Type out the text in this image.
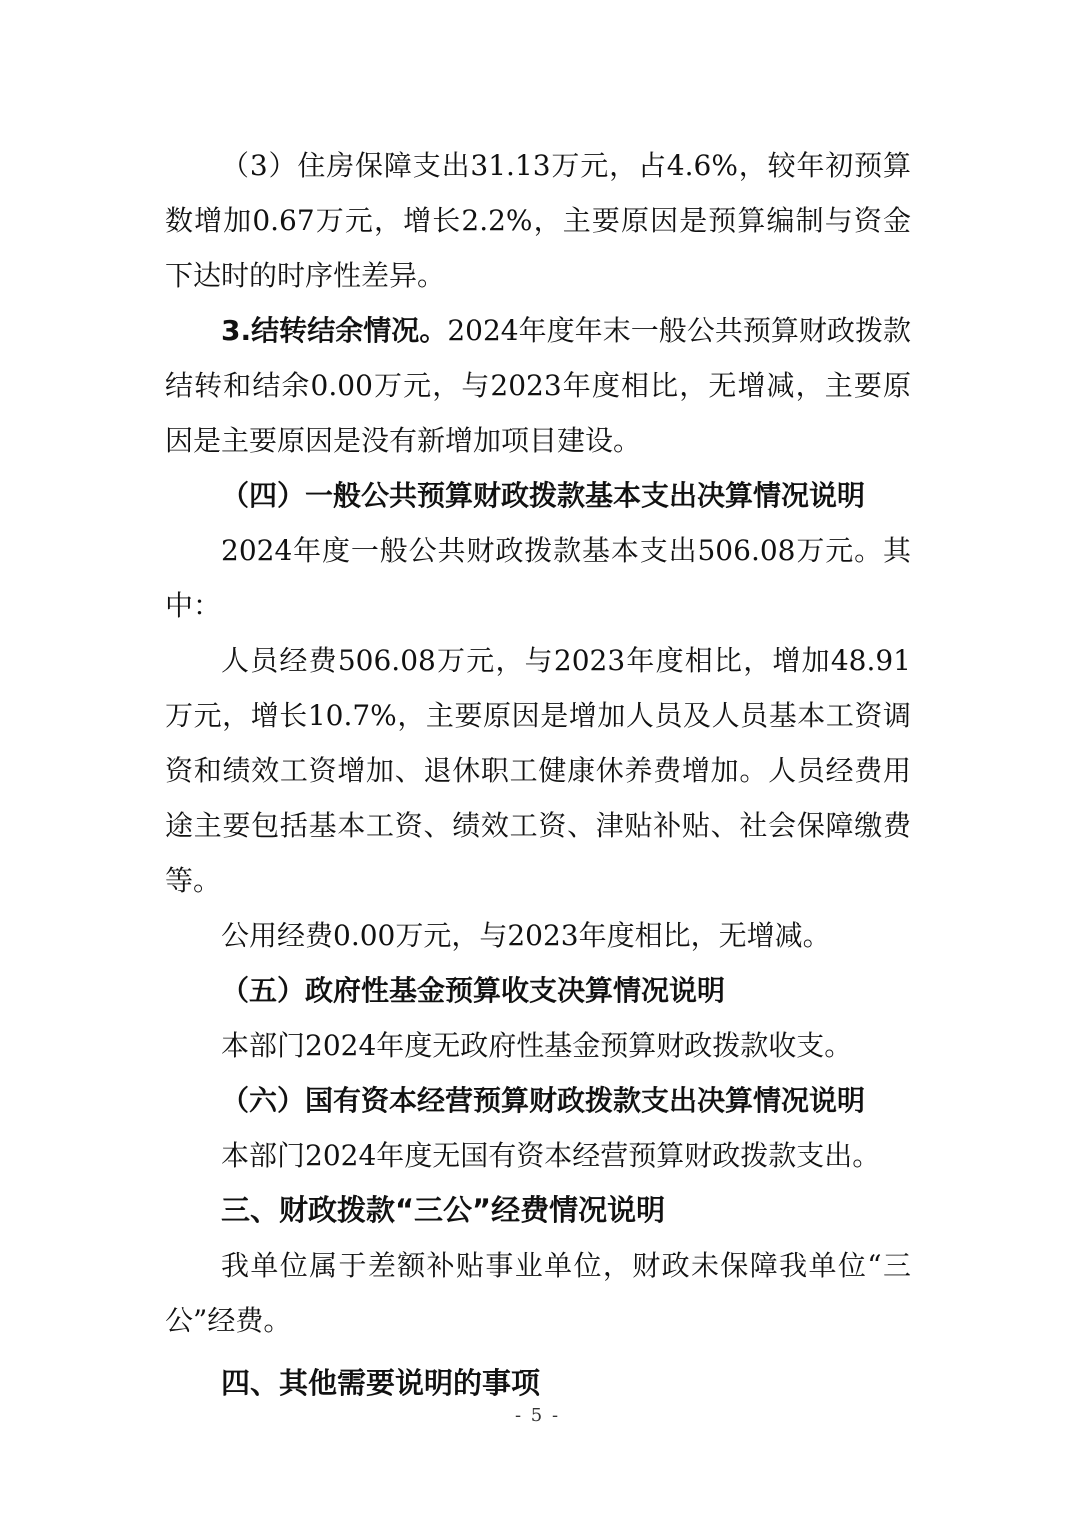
（3）住房保障支出31.13万元，占4.6%，较年初预算数增加0.67万元，增长2.2%，主要原因是预算编制与资金下达时的时序性差异。

3.结转结余情况。2024年度年末一般公共预算财政拨款结转和结余0.00万元，与2023年度相比，无增减，主要原因是主要原因是没有新增加项目建设。

（四）一般公共预算财政拨款基本支出决算情况说明

2024年度一般公共财政拨款基本支出506.08万元。其中：

人员经费506.08万元，与2023年度相比，增加48.91万元，增长10.7%，主要原因是增加人员及人员基本工资调资和绩效工资增加、退休职工健康休养费增加。人员经费用途主要包括基本工资、绩效工资、津贴补贴、社会保障缴费等。

公用经费0.00万元，与2023年度相比，无增减。

（五）政府性基金预算收支决算情况说明

本部门2024年度无政府性基金预算财政拨款收支。

（六）国有资本经营预算财政拨款支出决算情况说明

本部门2024年度无国有资本经营预算财政拨款支出。

三、财政拨款“三公”经费情况说明

我单位属于差额补贴事业单位，财政未保障我单位“三公”经费。

四、其他需要说明的事项

- 5 -
